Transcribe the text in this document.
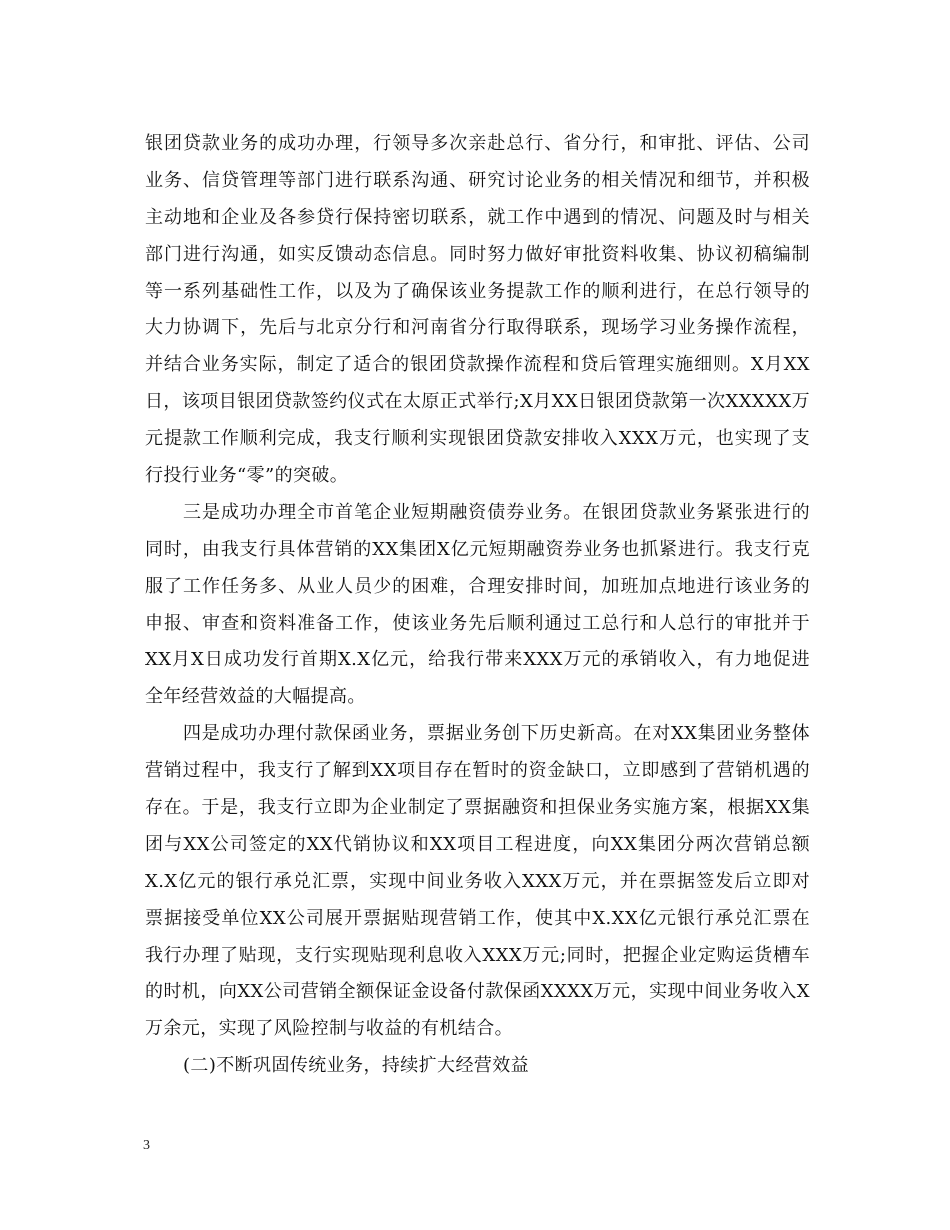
银团贷款业务的成功办理，行领导多次亲赴总行、省分行，和审批、评估、公司
业务、信贷管理等部门进行联系沟通、研究讨论业务的相关情况和细节，并积极
主动地和企业及各参贷行保持密切联系，就工作中遇到的情况、问题及时与相关
部门进行沟通，如实反馈动态信息。同时努力做好审批资料收集、协议初稿编制
等一系列基础性工作，以及为了确保该业务提款工作的顺利进行，在总行领导的
大力协调下，先后与北京分行和河南省分行取得联系，现场学习业务操作流程，
并结合业务实际，制定了适合的银团贷款操作流程和贷后管理实施细则。X月XX
日，该项目银团贷款签约仪式在太原正式举行;X月XX日银团贷款第一次XXXXX万
元提款工作顺利完成，我支行顺利实现银团贷款安排收入XXX万元，也实现了支
行投行业务“零”的突破。
三是成功办理全市首笔企业短期融资债券业务。在银团贷款业务紧张进行的
同时，由我支行具体营销的XX集团X亿元短期融资券业务也抓紧进行。我支行克
服了工作任务多、从业人员少的困难，合理安排时间，加班加点地进行该业务的
申报、审查和资料准备工作，使该业务先后顺利通过工总行和人总行的审批并于
XX月X日成功发行首期X.X亿元，给我行带来XXX万元的承销收入，有力地促进
全年经营效益的大幅提高。
四是成功办理付款保函业务，票据业务创下历史新高。在对XX集团业务整体
营销过程中，我支行了解到XX项目存在暂时的资金缺口，立即感到了营销机遇的
存在。于是，我支行立即为企业制定了票据融资和担保业务实施方案，根据XX集
团与XX公司签定的XX代销协议和XX项目工程进度，向XX集团分两次营销总额
X.X亿元的银行承兑汇票，实现中间业务收入XXX万元，并在票据签发后立即对
票据接受单位XX公司展开票据贴现营销工作，使其中X.XX亿元银行承兑汇票在
我行办理了贴现，支行实现贴现利息收入XXX万元;同时，把握企业定购运货槽车
的时机，向XX公司营销全额保证金设备付款保函XXXX万元，实现中间业务收入X
万余元，实现了风险控制与收益的有机结合。
(二)不断巩固传统业务，持续扩大经营效益
3
